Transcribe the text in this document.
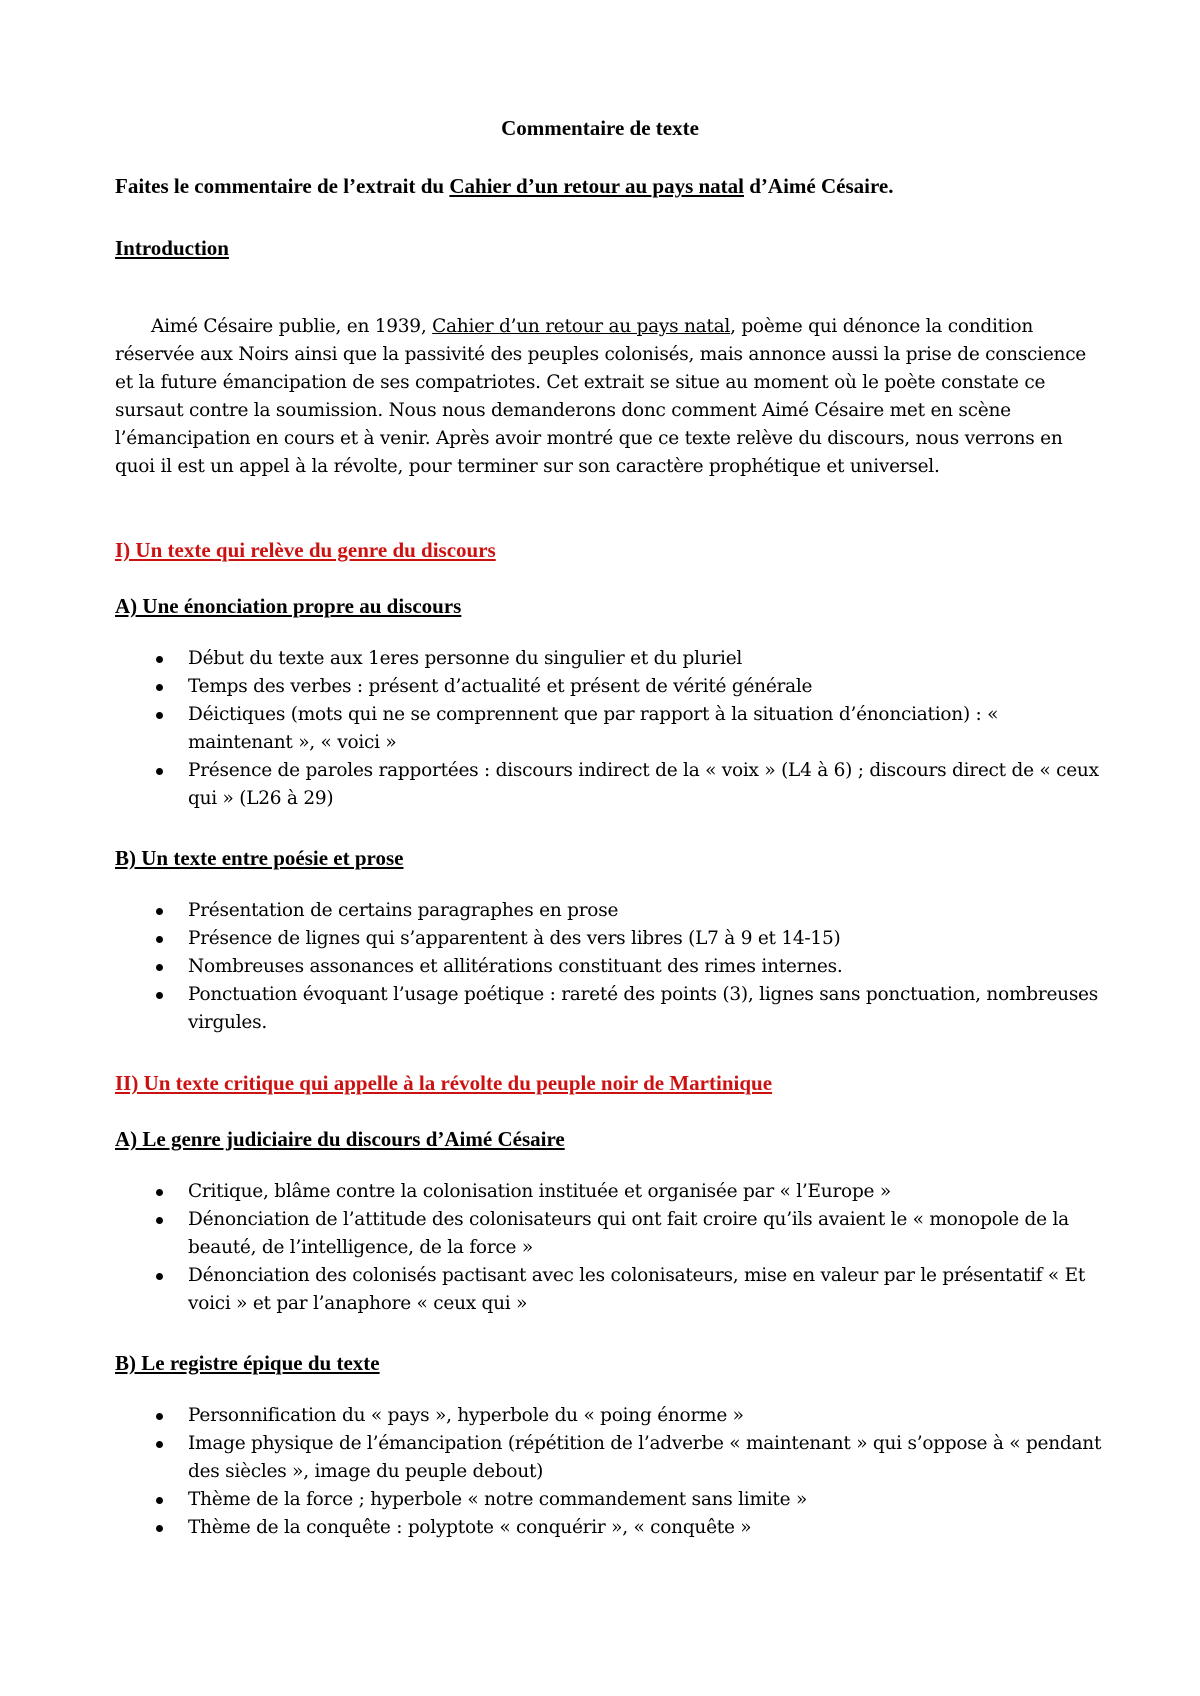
Commentaire de texte

Faites le commentaire de l’extrait du Cahier d’un retour au pays natal d’Aimé Césaire.

Introduction

Aimé Césaire publie, en 1939, Cahier d’un retour au pays natal, poème qui dénonce la condition réservée aux Noirs ainsi que la passivité des peuples colonisés, mais annonce aussi la prise de conscience et la future émancipation de ses compatriotes. Cet extrait se situe au moment où le poète constate ce sursaut contre la soumission. Nous nous demanderons donc comment Aimé Césaire met en scène l’émancipation en cours et à venir. Après avoir montré que ce texte relève du discours, nous verrons en quoi il est un appel à la révolte, pour terminer sur son caractère prophétique et universel.

I) Un texte qui relève du genre du discours
A) Une énonciation propre au discours
Début du texte aux 1eres personne du singulier et du pluriel
Temps des verbes : présent d’actualité et présent de vérité générale
Déictiques (mots qui ne se comprennent que par rapport à la situation d’énonciation) : « maintenant », « voici »
Présence de paroles rapportées : discours indirect de la « voix » (L4 à 6) ; discours direct de « ceux qui » (L26 à 29)
B) Un texte entre poésie et prose
Présentation de certains paragraphes en prose
Présence de lignes qui s’apparentent à des vers libres (L7 à 9 et 14-15)
Nombreuses assonances et allitérations constituant des rimes internes.
Ponctuation évoquant l’usage poétique : rareté des points (3), lignes sans ponctuation, nombreuses virgules.
II) Un texte critique qui appelle à la révolte du peuple noir de Martinique
A) Le genre judiciaire du discours d’Aimé Césaire
Critique, blâme contre la colonisation instituée et organisée par « l’Europe »
Dénonciation de l’attitude des colonisateurs qui ont fait croire qu’ils avaient le « monopole de la beauté, de l’intelligence, de la force »
Dénonciation des colonisés pactisant avec les colonisateurs, mise en valeur par le présentatif « Et voici » et par l’anaphore « ceux qui »
B) Le registre épique du texte
Personnification du « pays », hyperbole du « poing énorme »
Image physique de l’émancipation (répétition de l’adverbe « maintenant » qui s’oppose à « pendant des siècles », image du peuple debout)
Thème de la force ; hyperbole « notre commandement sans limite »
Thème de la conquête : polyptote « conquérir », « conquête »
